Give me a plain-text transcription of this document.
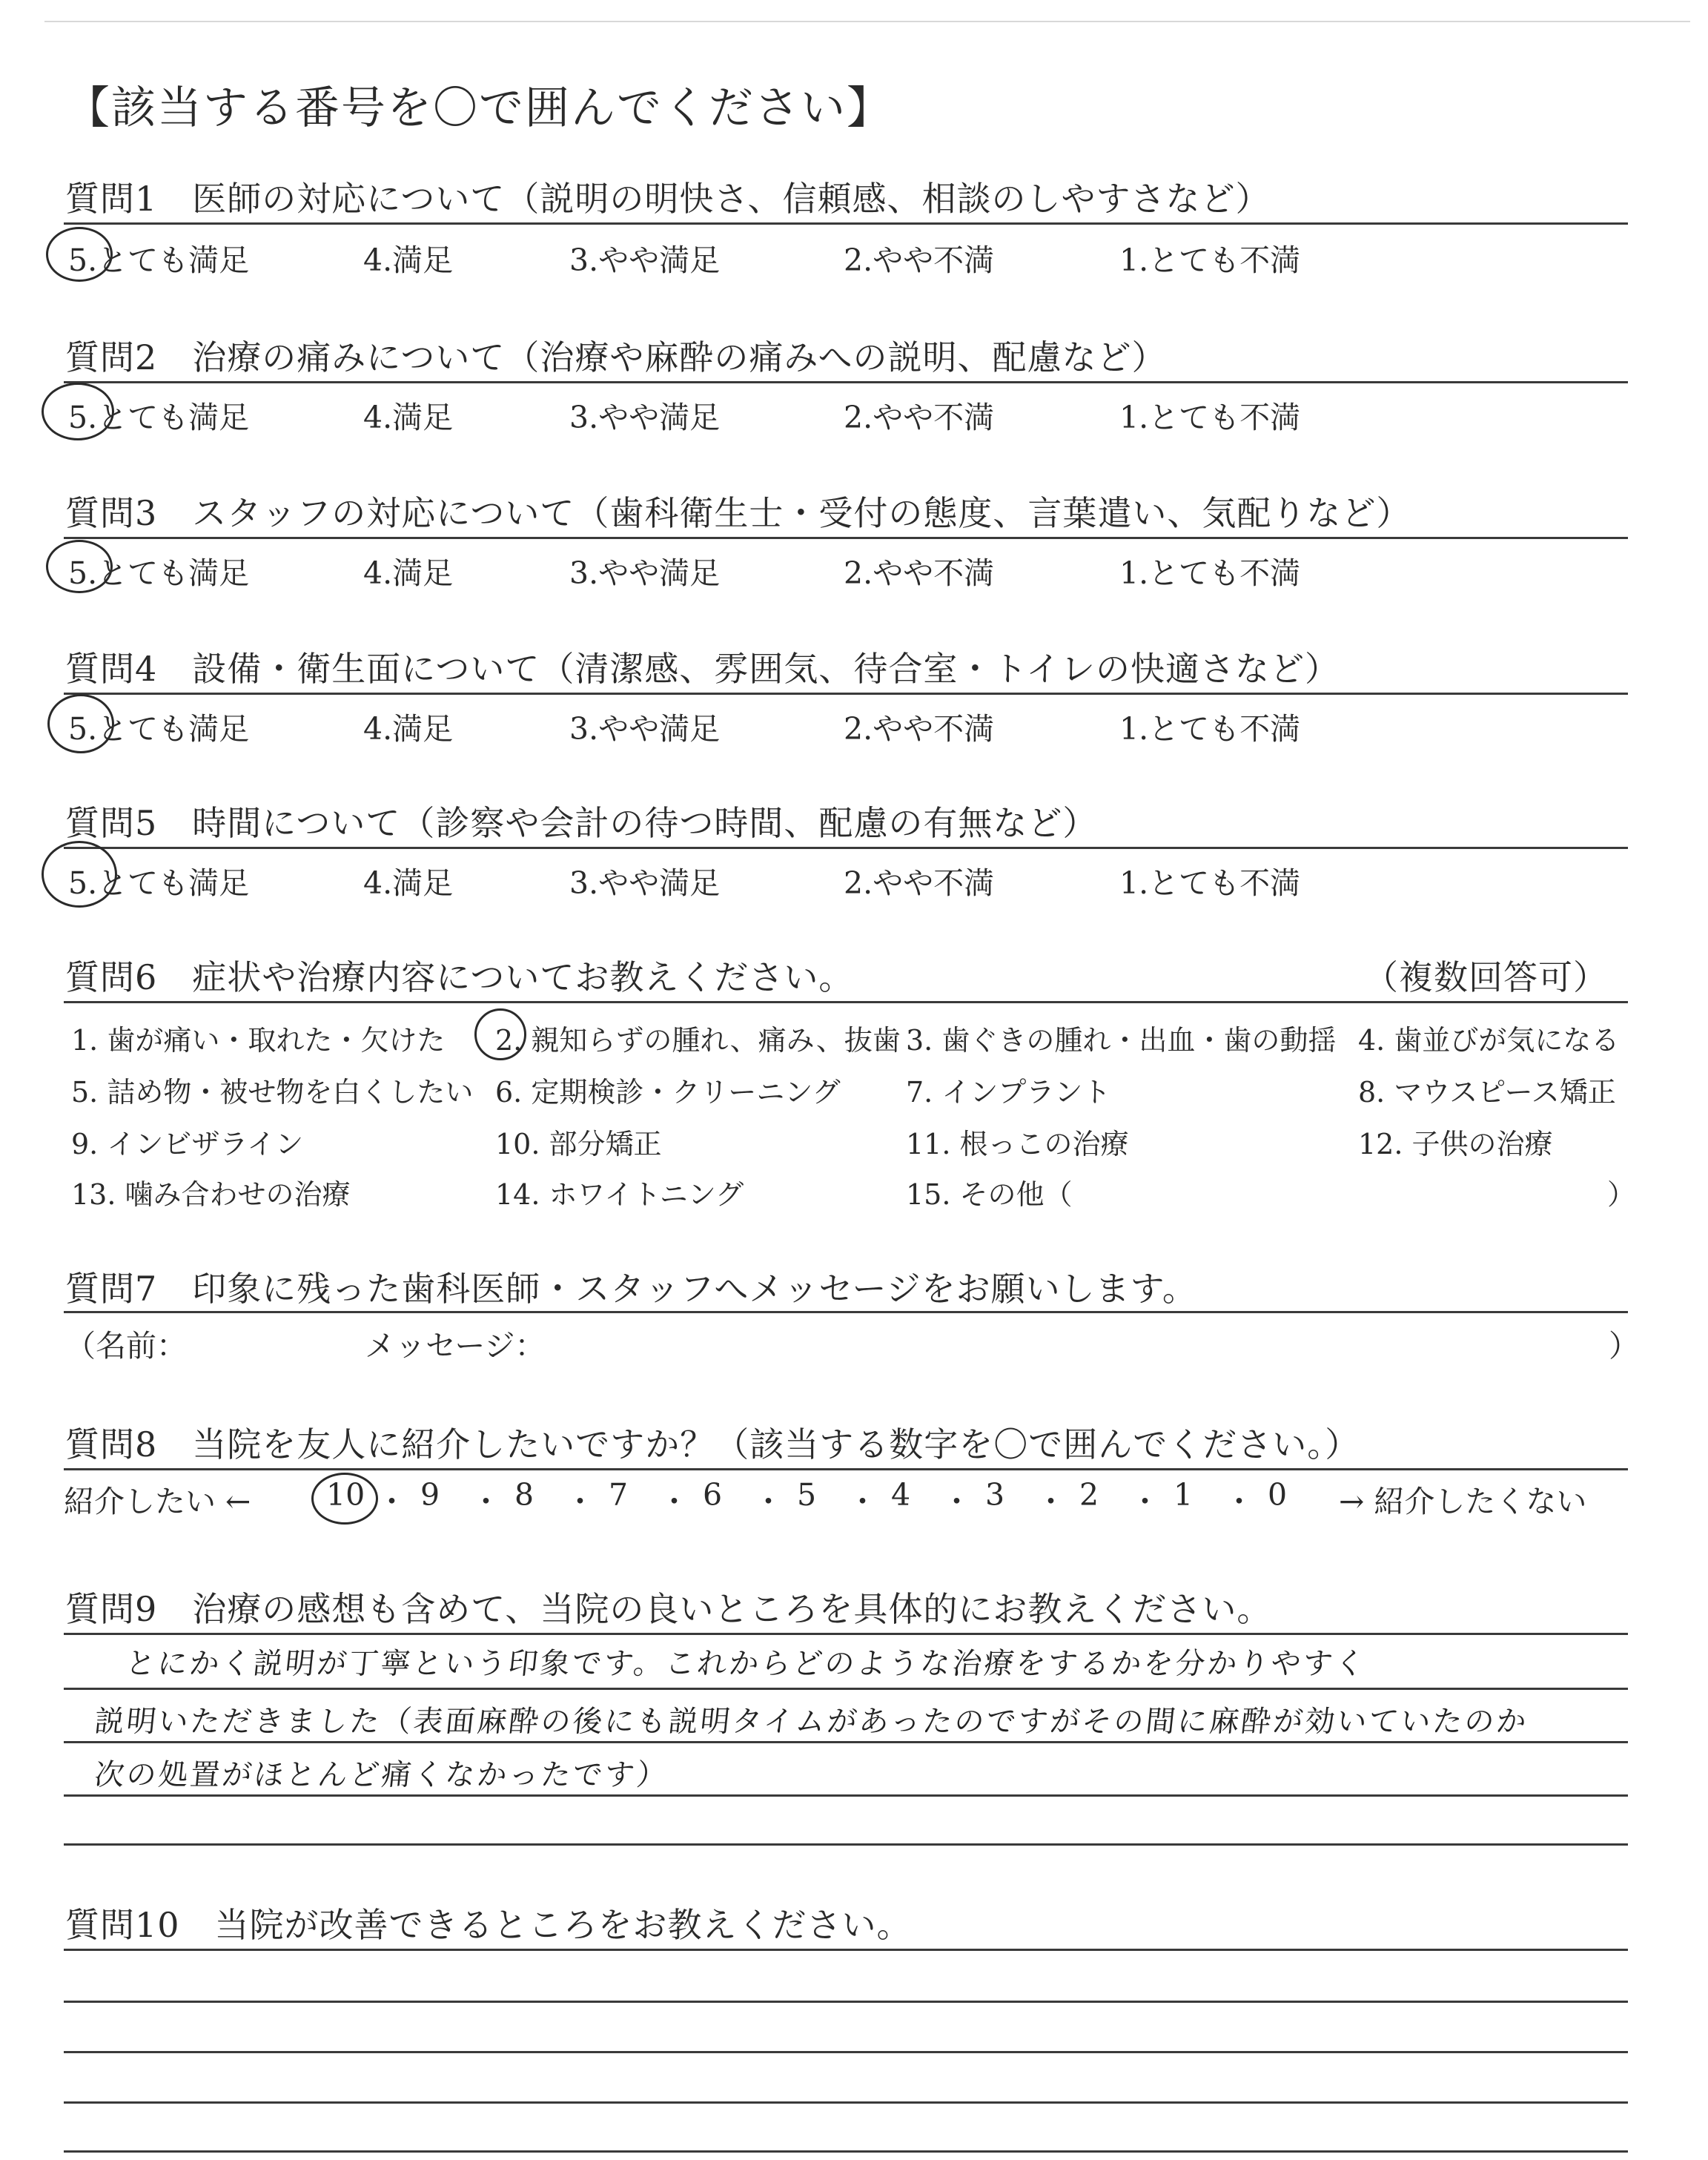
【該当する番号を〇で囲んでください】
質問1　 医師の対応について（説明の明快さ、信頼感、相談のしやすさなど）
5.とても満足	4.満足	3.やや満足	2.やや不満	1.とても不満
質問2　 治療の痛みについて（治療や麻酔の痛みへの説明、配慮など）
5.とても満足	4.満足	3.やや満足	2.やや不満	1.とても不満
質問3　 スタッフの対応について（歯科衛生士・受付の態度、言葉遣い、気配りなど）
5.とても満足	4.満足	3.やや満足	2.やや不満	1.とても不満
質問4　 設備・衛生面について（清潔感、雰囲気、待合室・トイレの快適さなど）
5.とても満足	4.満足	3.やや満足	2.やや不満	1.とても不満
質問5　 時間について（診察や会計の待つ時間、配慮の有無など）
5.とても満足	4.満足	3.やや満足	2.やや不満	1.とても不満
質問6　 症状や治療内容についてお教えください。	（複数回答可）
1. 歯が痛い・取れた・欠けた 2. 親知らずの腫れ、痛み、抜歯 3. 歯ぐきの腫れ・出血・歯の動揺 4. 歯並びが気になる
5. 詰め物・被せ物を白くしたい 6. 定期検診・クリーニング 7. インプラント	8. マウスピース矯正
9. インビザライン	10. 部分矯正	11. 根っこの治療	12. 子供の治療
13. 噛み合わせの治療	14. ホワイトニング	15. その他（	）
質問7　 印象に残った歯科医師・スタッフへメッセージをお願いします。
（名前：	メッセージ：	）
質問8　 当院を友人に紹介したいですか？（該当する数字を〇で囲んでください。）
紹介したい ← 10 ・ 9 ・ 8 ・ 7 ・ 6 ・ 5 ・ 4 ・ 3 ・ 2 ・ 1 ・ 0 → 紹介したくない
質問9　 治療の感想も含めて、当院の良いところを具体的にお教えください。
とにかく説明が丁寧という印象です。これからどのような治療をするかを分かりやすく
説明いただきました（表面麻酔の後にも説明タイムがあったのですがその間に麻酔が効いていたのか
次の処置がほとんど痛くなかったです）
質問10　 当院が改善できるところをお教えください。
